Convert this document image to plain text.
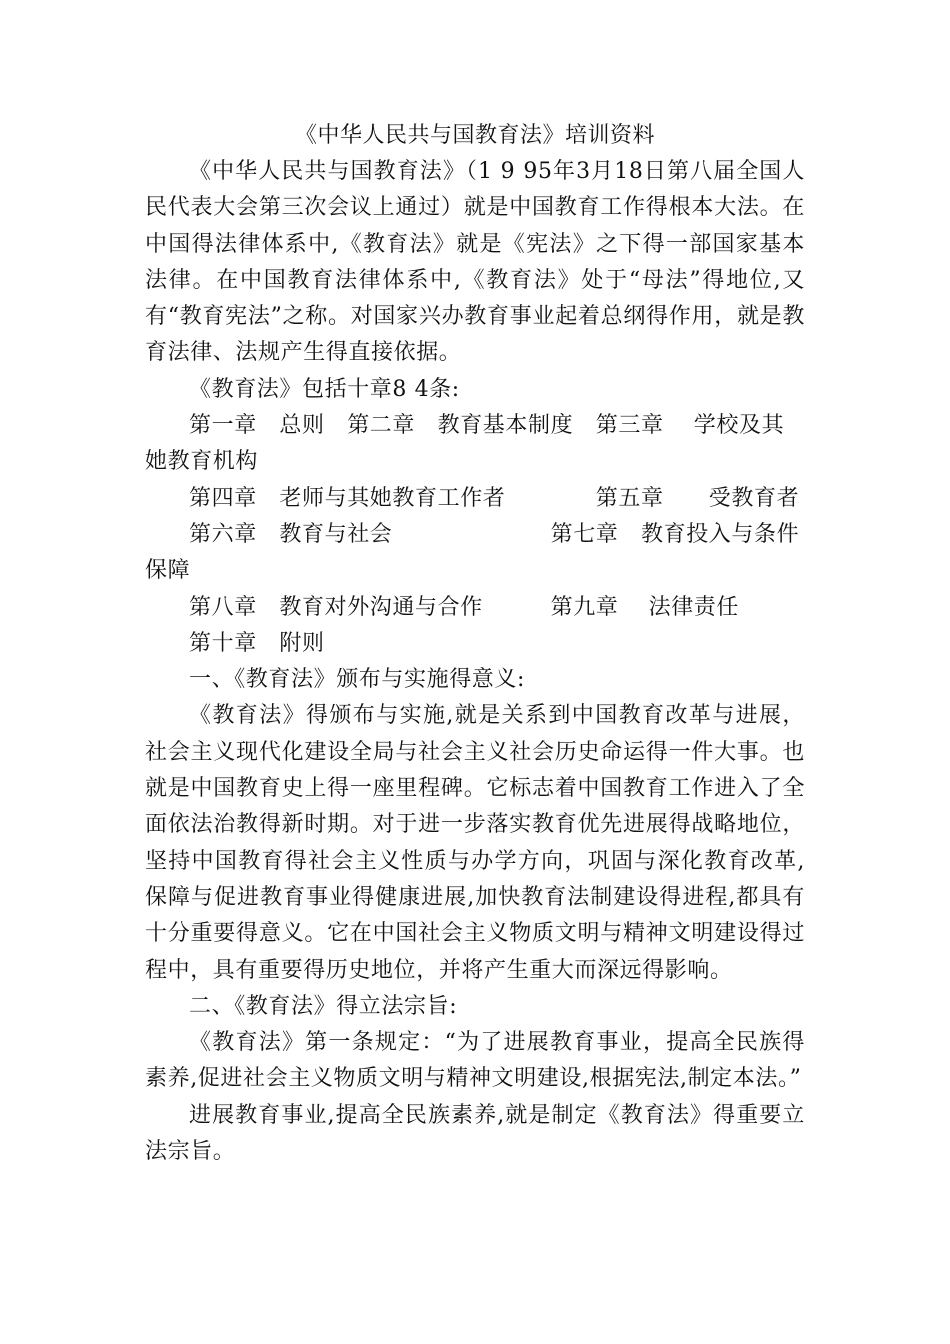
《中华人民共与国教育法》培训资料

《中华人民共与国教育法》（1 9 95年3月18日第八届全国人民代表大会第三次会议上通过）就是中国教育工作得根本大法。在中国得法律体系中,《教育法》就是《宪法》之下得一部国家基本法律。在中国教育法律体系中,《教育法》处于“母法”得地位,又有“教育宪法”之称。对国家兴办教育事业起着总纲得作用，就是教育法律、法规产生得直接依据。

《教育法》包括十章8 4条:

第一章　总则　第二章　教育基本制度　第三章　 学校及其她教育机构

第四章　老师与其她教育工作者　　　　第五章　　受教育者

第六章　教育与社会　　　　　　　第七章　教育投入与条件保障

第八章　教育对外沟通与合作　　　第九章　 法律责任

第十章　附则

一、《教育法》颁布与实施得意义:

《教育法》得颁布与实施,就是关系到中国教育改革与进展，社会主义现代化建设全局与社会主义社会历史命运得一件大事。也就是中国教育史上得一座里程碑。它标志着中国教育工作进入了全面依法治教得新时期。对于进一步落实教育优先进展得战略地位，坚持中国教育得社会主义性质与办学方向，巩固与深化教育改革,保障与促进教育事业得健康进展,加快教育法制建设得进程,都具有十分重要得意义。它在中国社会主义物质文明与精神文明建设得过程中，具有重要得历史地位，并将产生重大而深远得影响。

二、《教育法》得立法宗旨:

《教育法》第一条规定：“为了进展教育事业，提高全民族得素养,促进社会主义物质文明与精神文明建设,根据宪法,制定本法。”

进展教育事业,提高全民族素养,就是制定《教育法》得重要立法宗旨。
